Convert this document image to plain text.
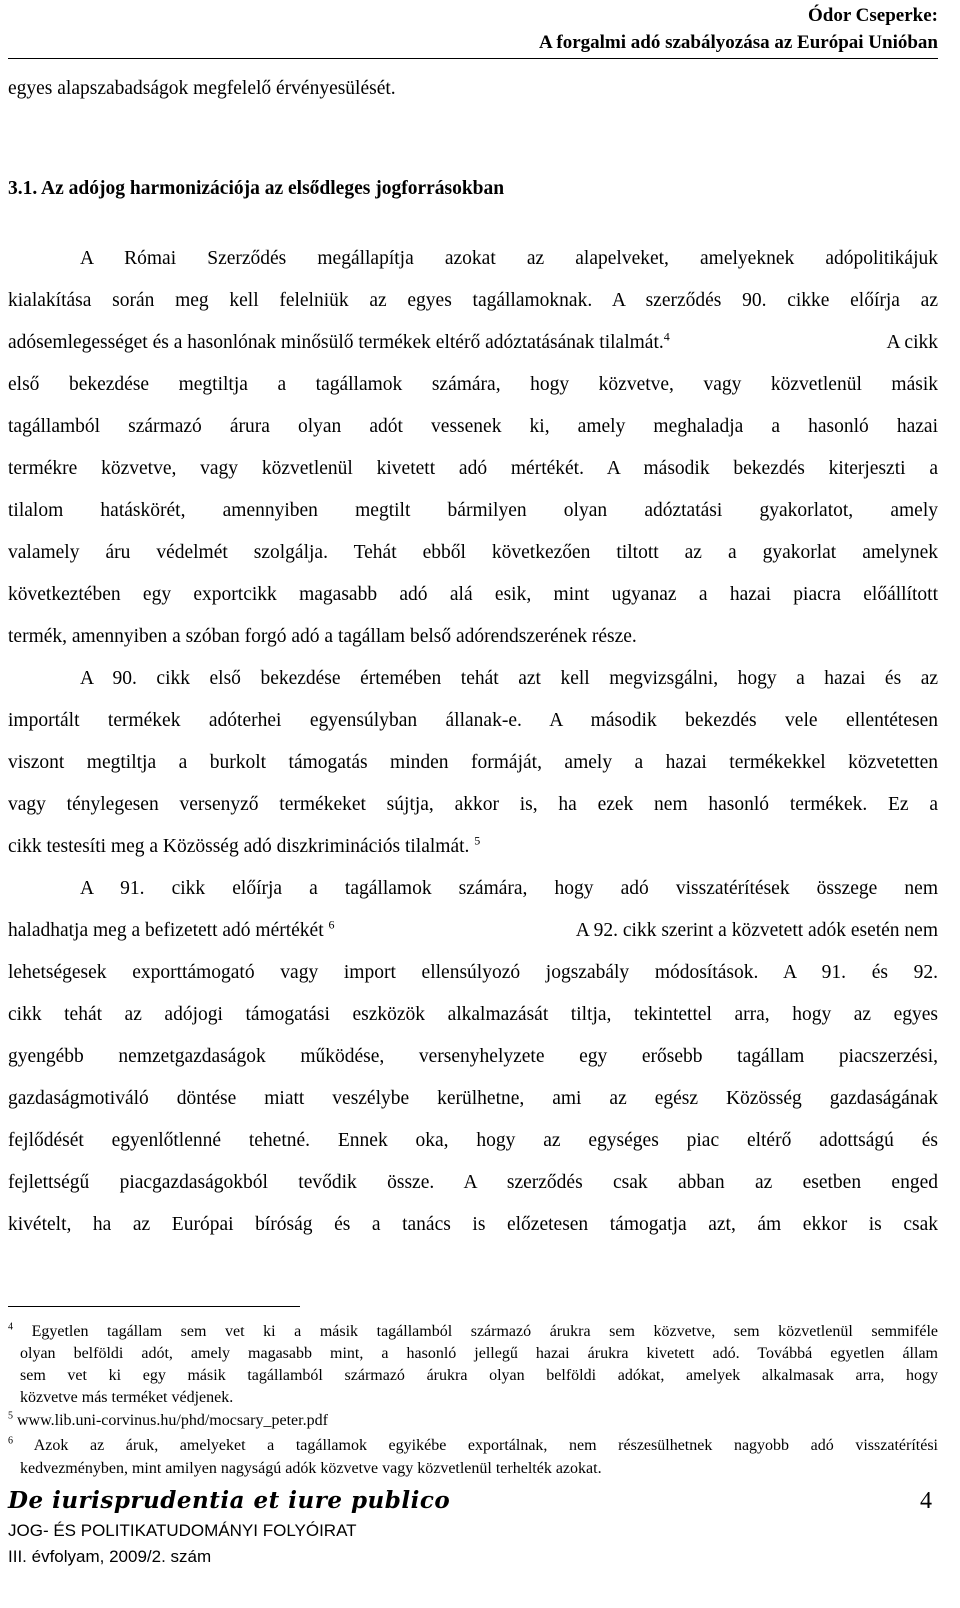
Ódor Cseperke:
A forgalmi adó szabályozása az Európai Unióban
egyes alapszabadságok megfelelő érvényesülését.
3.1. Az adójog harmonizációja az elsődleges jogforrásokban
A Római Szerződés megállapítja azokat az alapelveket, amelyeknek adópolitikájuk
kialakítása során meg kell felelniük az egyes tagállamoknak. A szerződés 90. cikke előírja az
adósemlegességet és a hasonlónak minősülő termékek eltérő adóztatásának tilalmát.$^4$	A cikk
első bekezdése megtiltja a tagállamok számára, hogy közvetve, vagy közvetlenül másik
tagállamból származó árura olyan adót vessenek ki, amely meghaladja a hasonló hazai
termékre közvetve, vagy közvetlenül kivetett adó mértékét. A második bekezdés kiterjeszti a
tilalom hatáskörét, amennyiben megtilt bármilyen olyan adóztatási gyakorlatot, amely
valamely áru védelmét szolgálja. Tehát ebből következően tiltott az a gyakorlat amelynek
következtében egy exportcikk magasabb adó alá esik, mint ugyanaz a hazai piacra előállított
termék, amennyiben a szóban forgó adó a tagállam belső adórendszerének része.
A 90. cikk első bekezdése értemében tehát azt kell megvizsgálni, hogy a hazai és az
importált termékek adóterhei egyensúlyban állanak-e. A második bekezdés vele ellentétesen
viszont megtiltja a burkolt támogatás minden formáját, amely a hazai termékekkel közvetetten
vagy ténylegesen versenyző termékeket sújtja, akkor is, ha ezek nem hasonló termékek. Ez a
cikk testesíti meg a Közösség adó diszkriminációs tilalmát. $^5$
A 91. cikk előírja a tagállamok számára, hogy adó visszatérítések összege nem
haladhatja meg a befizetett adó mértékét $^6$	A 92. cikk szerint a közvetett adók esetén nem
lehetségesek exporttámogató vagy import ellensúlyozó jogszabály módosítások. A 91. és 92.
cikk tehát az adójogi támogatási eszközök alkalmazását tiltja, tekintettel arra, hogy az egyes
gyengébb nemzetgazdaságok működése, versenyhelyzete egy erősebb tagállam piacszerzési,
gazdaságmotiváló döntése miatt veszélybe kerülhetne, ami az egész Közösség gazdaságának
fejlődését egyenlőtlenné tehetné. Ennek oka, hogy az egységes piac eltérő adottságú és
fejlettségű piacgazdaságokból tevődik össze. A szerződés csak abban az esetben enged
kivételt, ha az Európai bíróság és a tanács is előzetesen támogatja azt, ám ekkor is csak
$^4$ Egyetlen tagállam sem vet ki a másik tagállamból származó árukra sem közvetve, sem közvetlenül semmiféle
olyan belföldi adót, amely magasabb mint, a hasonló jellegű hazai árukra kivetett adó. Továbbá egyetlen állam
sem vet ki egy másik tagállamból származó árukra olyan belföldi adókat, amelyek alkalmasak arra, hogy
közvetve más terméket védjenek.
$^5$ www.lib.uni-corvinus.hu/phd/mocsary_peter.pdf
$^6$ Azok az áruk, amelyeket a tagállamok egyikébe exportálnak, nem részesülhetnek nagyobb adó visszatérítési
kedvezményben, mint amilyen nagyságú adók közvetve vagy közvetlenül terhelték azokat.
De iurisprudentia et iure publico	4
JOG- ÉS POLITIKATUDOMÁNYI FOLYÓIRAT
III. évfolyam, 2009/2. szám
